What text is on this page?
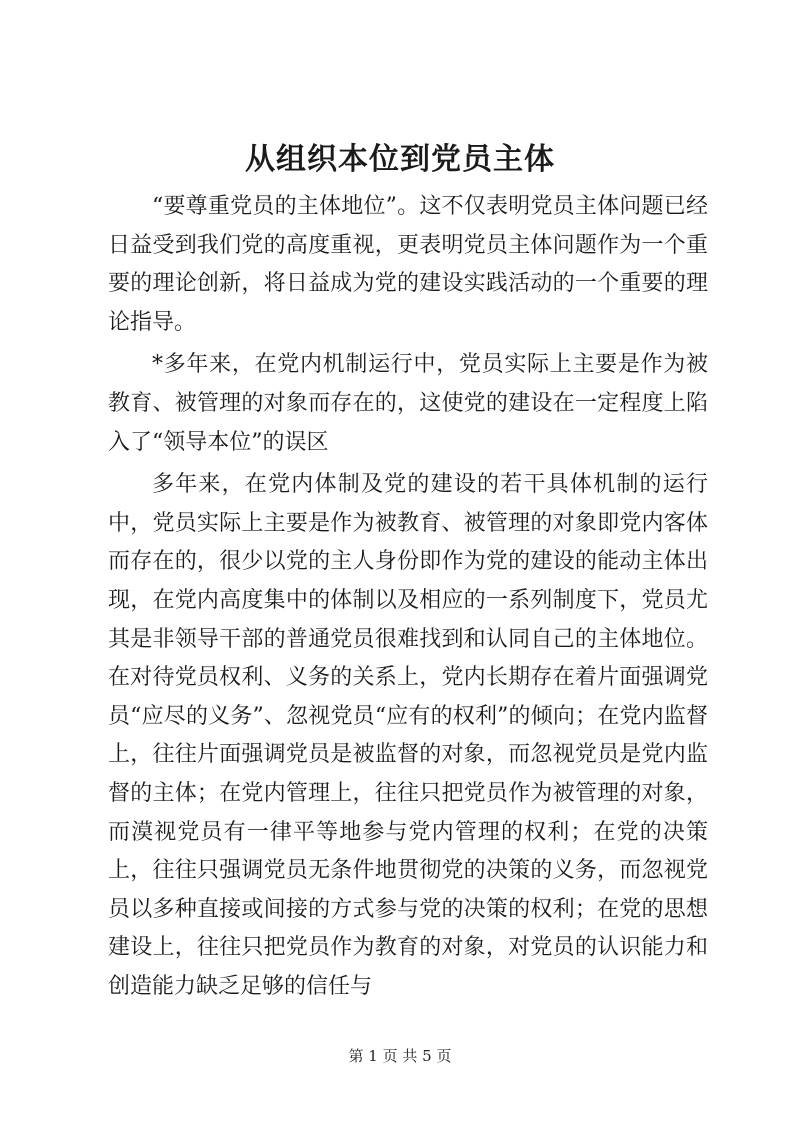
从组织本位到党员主体

“要尊重党员的主体地位”。这不仅表明党员主体问题已经日益受到我们党的高度重视，更表明党员主体问题作为一个重要的理论创新，将日益成为党的建设实践活动的一个重要的理论指导。

*多年来，在党内机制运行中，党员实际上主要是作为被教育、被管理的对象而存在的，这使党的建设在一定程度上陷入了“领导本位”的误区

多年来，在党内体制及党的建设的若干具体机制的运行中，党员实际上主要是作为被教育、被管理的对象即党内客体而存在的，很少以党的主人身份即作为党的建设的能动主体出现，在党内高度集中的体制以及相应的一系列制度下，党员尤其是非领导干部的普通党员很难找到和认同自己的主体地位。在对待党员权利、义务的关系上，党内长期存在着片面强调党员“应尽的义务”、忽视党员“应有的权利”的倾向；在党内监督上，往往片面强调党员是被监督的对象，而忽视党员是党内监督的主体；在党内管理上，往往只把党员作为被管理的对象，而漠视党员有一律平等地参与党内管理的权利；在党的决策上，往往只强调党员无条件地贯彻党的决策的义务，而忽视党员以多种直接或间接的方式参与党的决策的权利；在党的思想建设上，往往只把党员作为教育的对象，对党员的认识能力和创造能力缺乏足够的信任与

第 1 页 共 5 页
